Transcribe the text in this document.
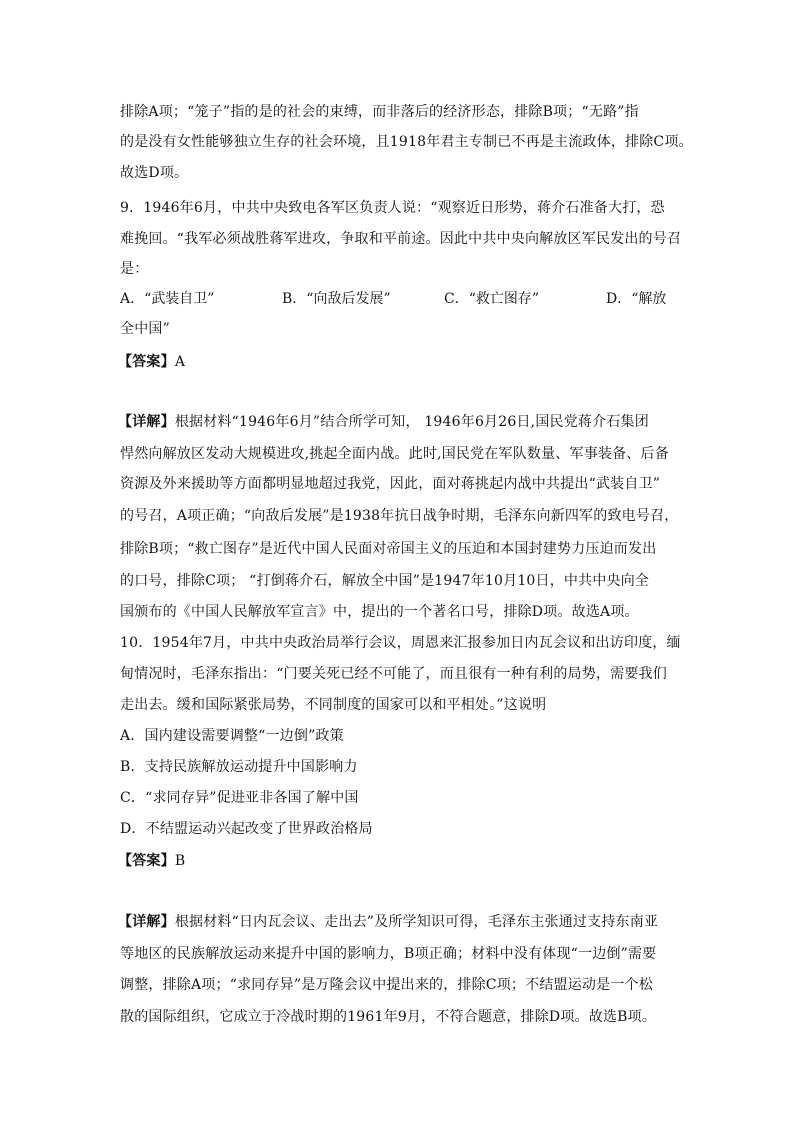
排除A项；“笼子”指的是的社会的束缚，而非落后的经济形态，排除B项；“无路”指
的是没有女性能够独立生存的社会环境，且1918年君主专制已不再是主流政体，排除C项。
故选D项。
9．1946年6月，中共中央致电各军区负责人说：“观察近日形势，蒋介石准备大打，恐
难挽回。“我军必须战胜蒋军进攻，争取和平前途。因此中共中央向解放区军民发出的号召
是：
A．“武装自卫”	B．“向敌后发展”	C．“救亡图存”	D．“解放
全中国”
【答案】A
【详解】根据材料“1946年6月”结合所学可知， 1946年6月26日,国民党蒋介石集团
悍然向解放区发动大规模进攻,挑起全面内战。此时,国民党在军队数量、军事装备、后备
资源及外来援助等方面都明显地超过我党，因此，面对蒋挑起内战中共提出“武装自卫”
的号召，A项正确；“向敌后发展”是1938年抗日战争时期，毛泽东向新四军的致电号召，
排除B项；“救亡图存”是近代中国人民面对帝国主义的压迫和本国封建势力压迫而发出
的口号，排除C项； “打倒蒋介石，解放全中国”是1947年10月10日，中共中央向全
国颁布的《中国人民解放军宣言》中，提出的一个著名口号，排除D项。故选A项。
10．1954年7月，中共中央政治局举行会议，周恩来汇报参加日内瓦会议和出访印度，缅
甸情况时，毛泽东指出：“门要关死已经不可能了，而且很有一种有利的局势，需要我们
走出去。缓和国际紧张局势，不同制度的国家可以和平相处。”这说明
A．国内建设需要调整“一边倒”政策
B．支持民族解放运动提升中国影响力
C．“求同存异”促进亚非各国了解中国
D．不结盟运动兴起改变了世界政治格局
【答案】B
【详解】根据材料“日内瓦会议、走出去”及所学知识可得，毛泽东主张通过支持东南亚
等地区的民族解放运动来提升中国的影响力，B项正确；材料中没有体现“一边倒”需要
调整，排除A项；“求同存异”是万隆会议中提出来的，排除C项；不结盟运动是一个松
散的国际组织，它成立于冷战时期的1961年9月，不符合题意，排除D项。故选B项。
